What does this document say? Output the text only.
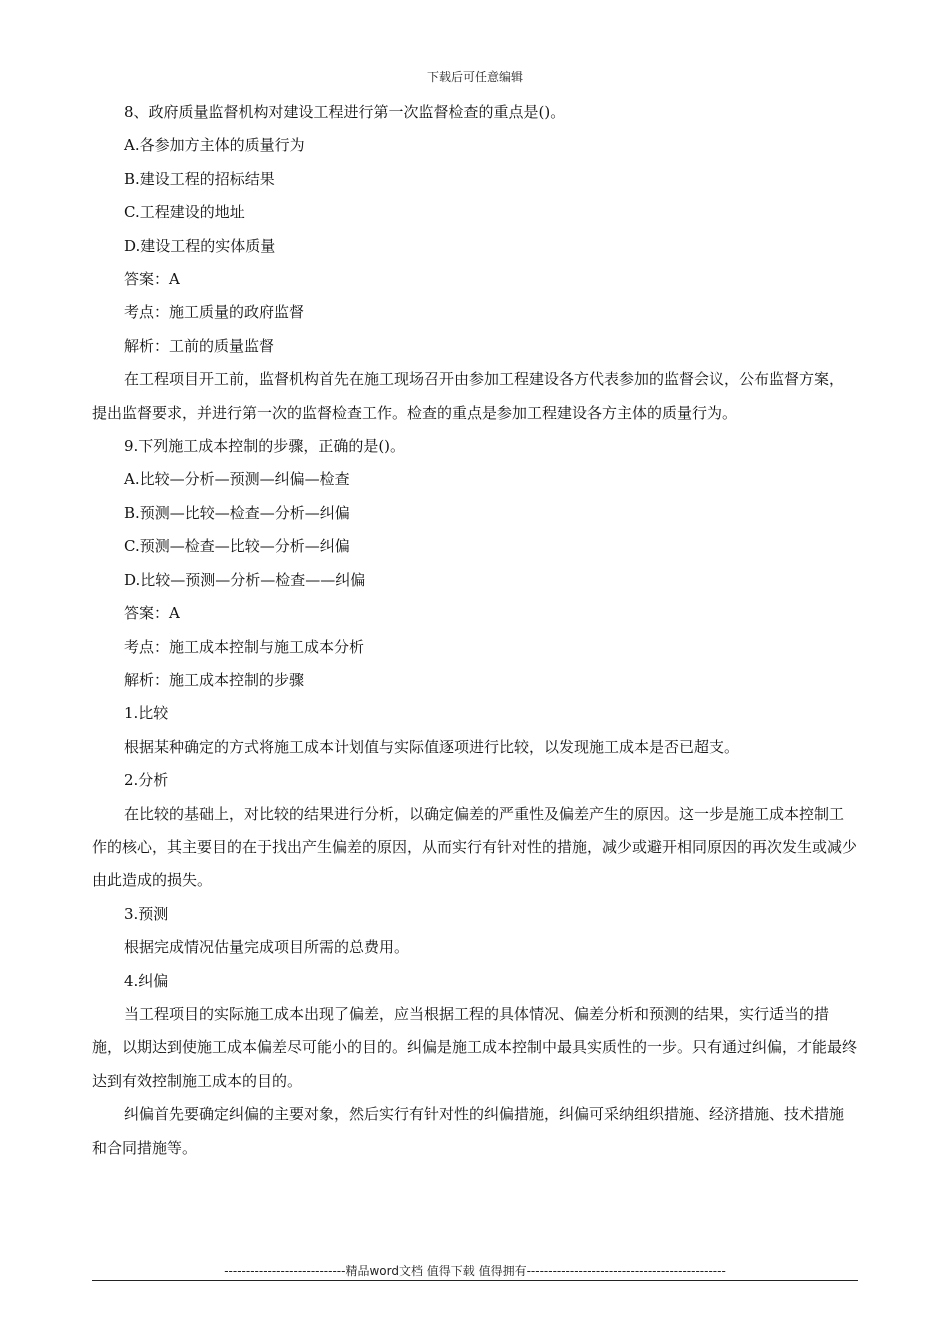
下载后可任意编辑

8、政府质量监督机构对建设工程进行第一次监督检查的重点是()。

A.各参加方主体的质量行为

B.建设工程的招标结果

C.工程建设的地址

D.建设工程的实体质量

答案：A

考点：施工质量的政府监督

解析：工前的质量监督

在工程项目开工前，监督机构首先在施工现场召开由参加工程建设各方代表参加的监督会议，公布监督方案，提出监督要求，并进行第一次的监督检查工作。检查的重点是参加工程建设各方主体的质量行为。

9.下列施工成本控制的步骤，正确的是()。

A.比较—分析—预测—纠偏—检查

B.预测—比较—检查—分析—纠偏

C.预测—检查—比较—分析—纠偏

D.比较—预测—分析—检查——纠偏

答案：A

考点：施工成本控制与施工成本分析

解析：施工成本控制的步骤

1.比较

根据某种确定的方式将施工成本计划值与实际值逐项进行比较，以发现施工成本是否已超支。

2.分析

在比较的基础上，对比较的结果进行分析，以确定偏差的严重性及偏差产生的原因。这一步是施工成本控制工作的核心，其主要目的在于找出产生偏差的原因，从而实行有针对性的措施，减少或避开相同原因的再次发生或减少由此造成的损失。

3.预测

根据完成情况估量完成项目所需的总费用。

4.纠偏

当工程项目的实际施工成本出现了偏差，应当根据工程的具体情况、偏差分析和预测的结果，实行适当的措施，以期达到使施工成本偏差尽可能小的目的。纠偏是施工成本控制中最具实质性的一步。只有通过纠偏，才能最终达到有效控制施工成本的目的。

纠偏首先要确定纠偏的主要对象，然后实行有针对性的纠偏措施，纠偏可采纳组织措施、经济措施、技术措施和合同措施等。

----------------------------精品word文档 值得下载 值得拥有----------------------------------------------
